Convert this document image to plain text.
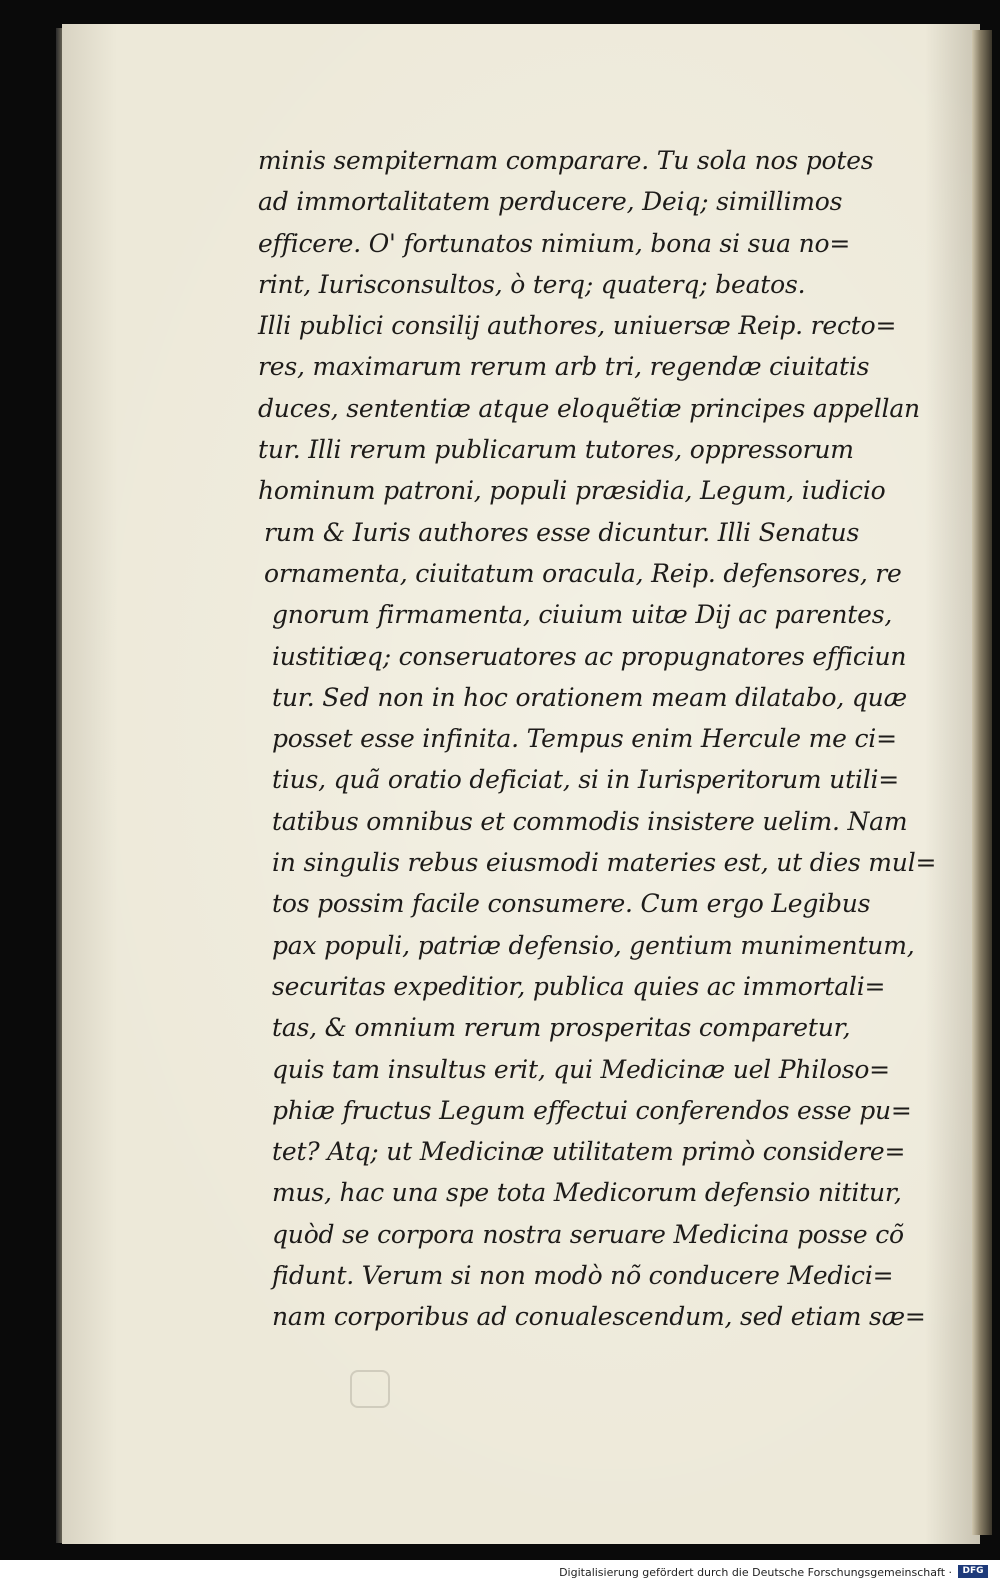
minis sempiternam comparare. Tu sola nos potes
ad immortalitatem perducere, Deiq; simillimos
efficere. O' fortunatos nimium, bona si sua no=
rint, Iurisconsultos, ò terq; quaterq; beatos.
Illi publici consilij authores, uniuersæ Reip. recto=
res, maximarum rerum arb tri, regendæ ciuitatis
duces, sententiæ atque eloquẽtiæ principes appellan
tur. Illi rerum publicarum tutores, oppressorum
hominum patroni, populi præsidia, Legum, iudicio
rum & Iuris authores esse dicuntur. Illi Senatus
ornamenta, ciuitatum oracula, Reip. defensores, re
gnorum firmamenta, ciuium uitæ Dij ac parentes,
iustitiæq; conseruatores ac propugnatores efficiun
tur. Sed non in hoc orationem meam dilatabo, quæ
posset esse infinita. Tempus enim Hercule me ci=
tius, quã oratio deficiat, si in Iurisperitorum utili=
tatibus omnibus et commodis insistere uelim. Nam
in singulis rebus eiusmodi materies est, ut dies mul=
tos possim facile consumere. Cum ergo Legibus
pax populi, patriæ defensio, gentium munimentum,
securitas expeditior, publica quies ac immortali=
tas, & omnium rerum prosperitas comparetur,
quis tam insultus erit, qui Medicinæ uel Philoso=
phiæ fructus Legum effectui conferendos esse pu=
tet? Atq; ut Medicinæ utilitatem primò considere=
mus, hac una spe tota Medicorum defensio nititur,
quòd se corpora nostra seruare Medicina posse cõ
fidunt. Verum si non modò nõ conducere Medici=
nam corporibus ad conualescendum, sed etiam sæ=
Digitalisierung gefördert durch die Deutsche Forschungsgemeinschaft ·	DFG
